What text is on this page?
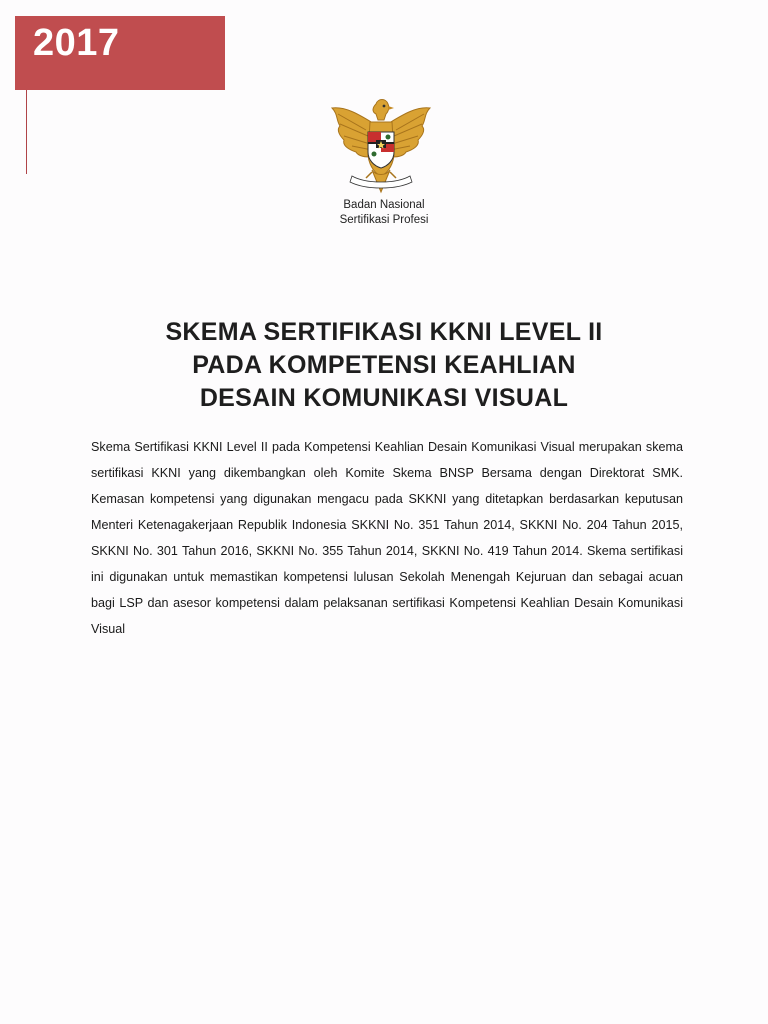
2017
Badan Nasional
Sertifikasi Profesi
SKEMA SERTIFIKASI KKNI LEVEL II
PADA KOMPETENSI KEAHLIAN
DESAIN KOMUNIKASI VISUAL
Skema Sertifikasi KKNI Level II pada Kompetensi Keahlian Desain Komunikasi Visual merupakan skema sertifikasi KKNI yang dikembangkan oleh Komite Skema BNSP Bersama dengan Direktorat SMK. Kemasan kompetensi yang digunakan mengacu pada SKKNI yang ditetapkan berdasarkan keputusan Menteri Ketenagakerjaan Republik Indonesia SKKNI No. 351 Tahun 2014, SKKNI No. 204 Tahun 2015, SKKNI No. 301 Tahun 2016, SKKNI No. 355 Tahun 2014, SKKNI No. 419 Tahun 2014. Skema sertifikasi ini digunakan untuk memastikan kompetensi lulusan Sekolah Menengah Kejuruan dan sebagai acuan bagi LSP dan asesor kompetensi dalam pelaksanan sertifikasi Kompetensi Keahlian Desain Komunikasi Visual
